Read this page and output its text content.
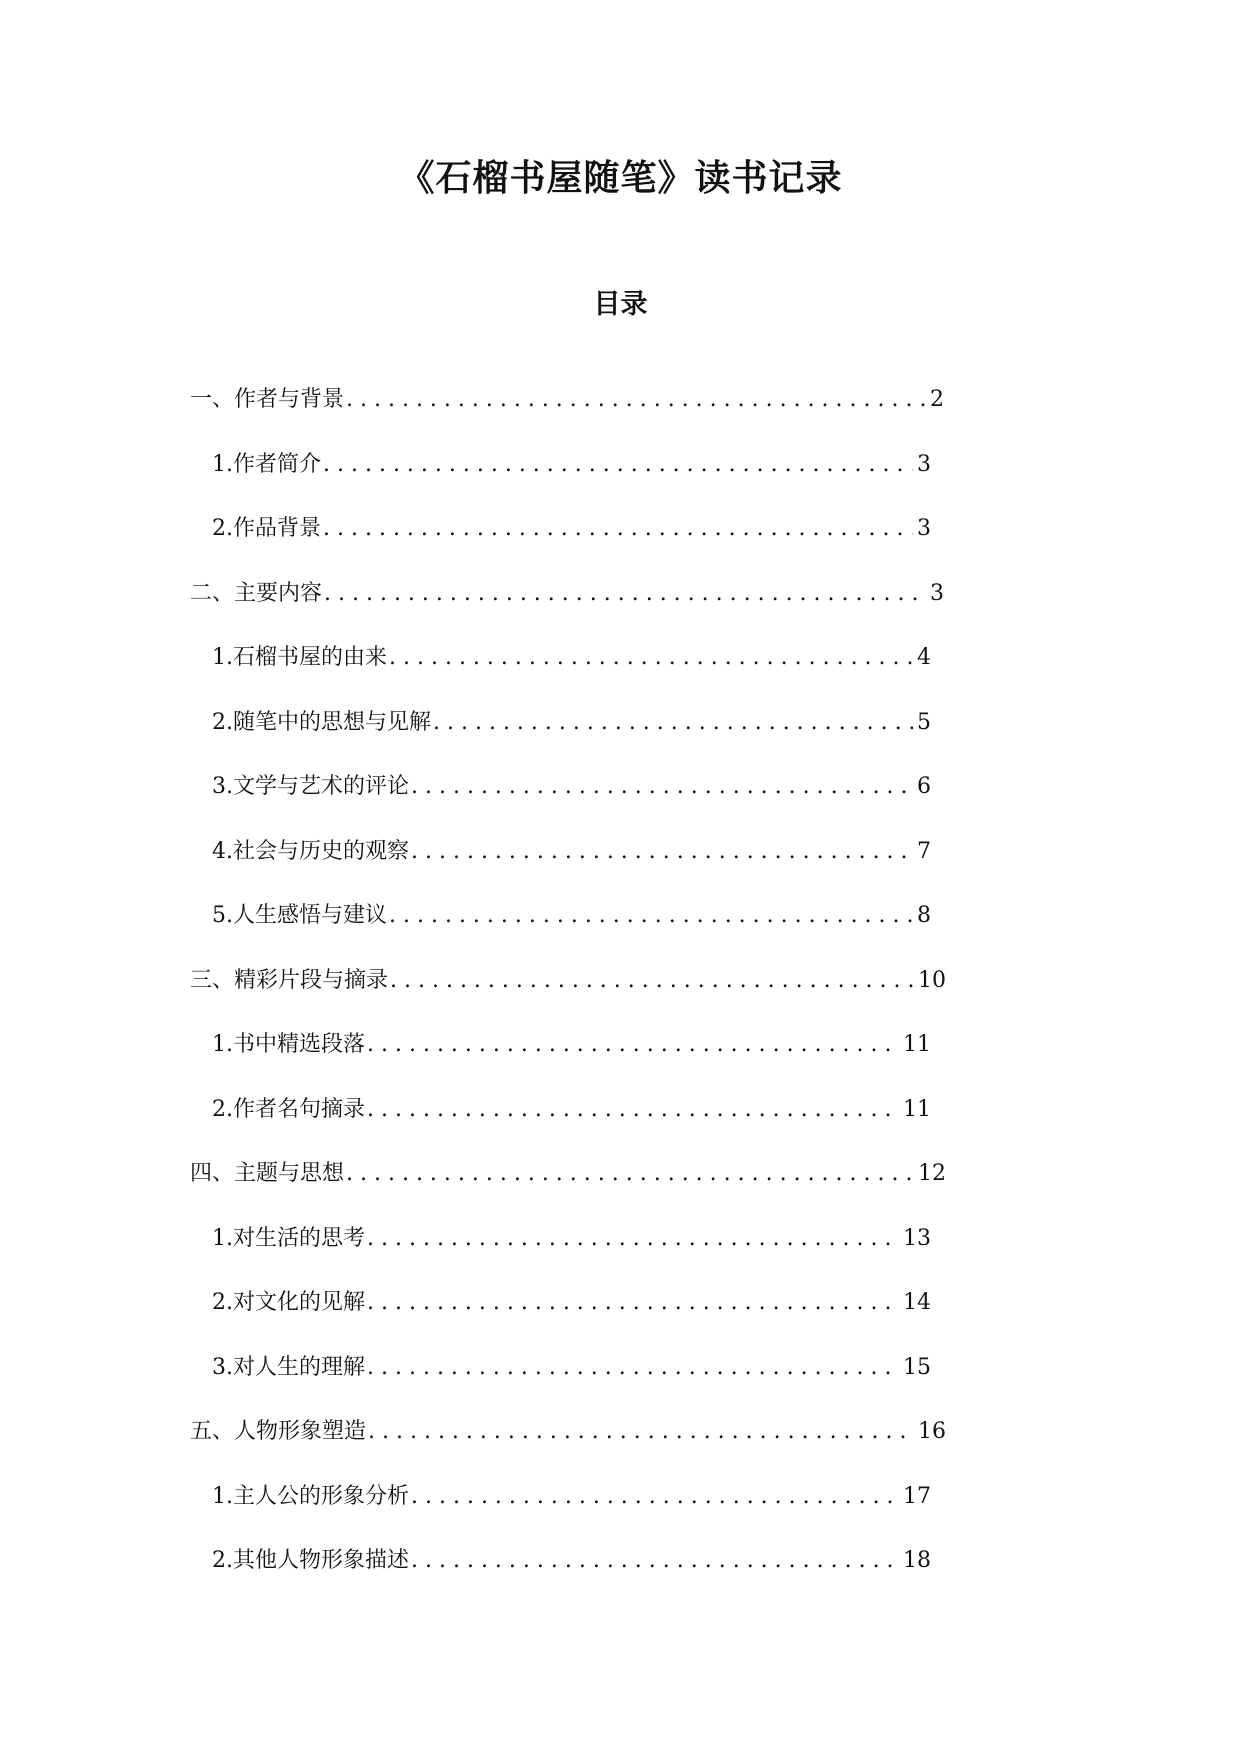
《石榴书屋随笔》读书记录
目录
一、作者与背景 . . .	2
1. 作者简介 . . .	3
2. 作品背景 . . .	3
二、主要内容 . . .	3
1. 石榴书屋的由来 . . .	4
2. 随笔中的思想与见解 . . .	5
3. 文学与艺术的评论 . . .	6
4. 社会与历史的观察 . . .	7
5. 人生感悟与建议 . . .	8
三、精彩片段与摘录 . . .	10
1. 书中精选段落 . . .	11
2. 作者名句摘录 . . .	11
四、主题与思想 . . .	12
1. 对生活的思考 . . .	13
2. 对文化的见解 . . .	14
3. 对人生的理解 . . .	15
五、人物形象塑造 . . .	16
1. 主人公的形象分析 . . .	17
2. 其他人物形象描述 . . .	18
